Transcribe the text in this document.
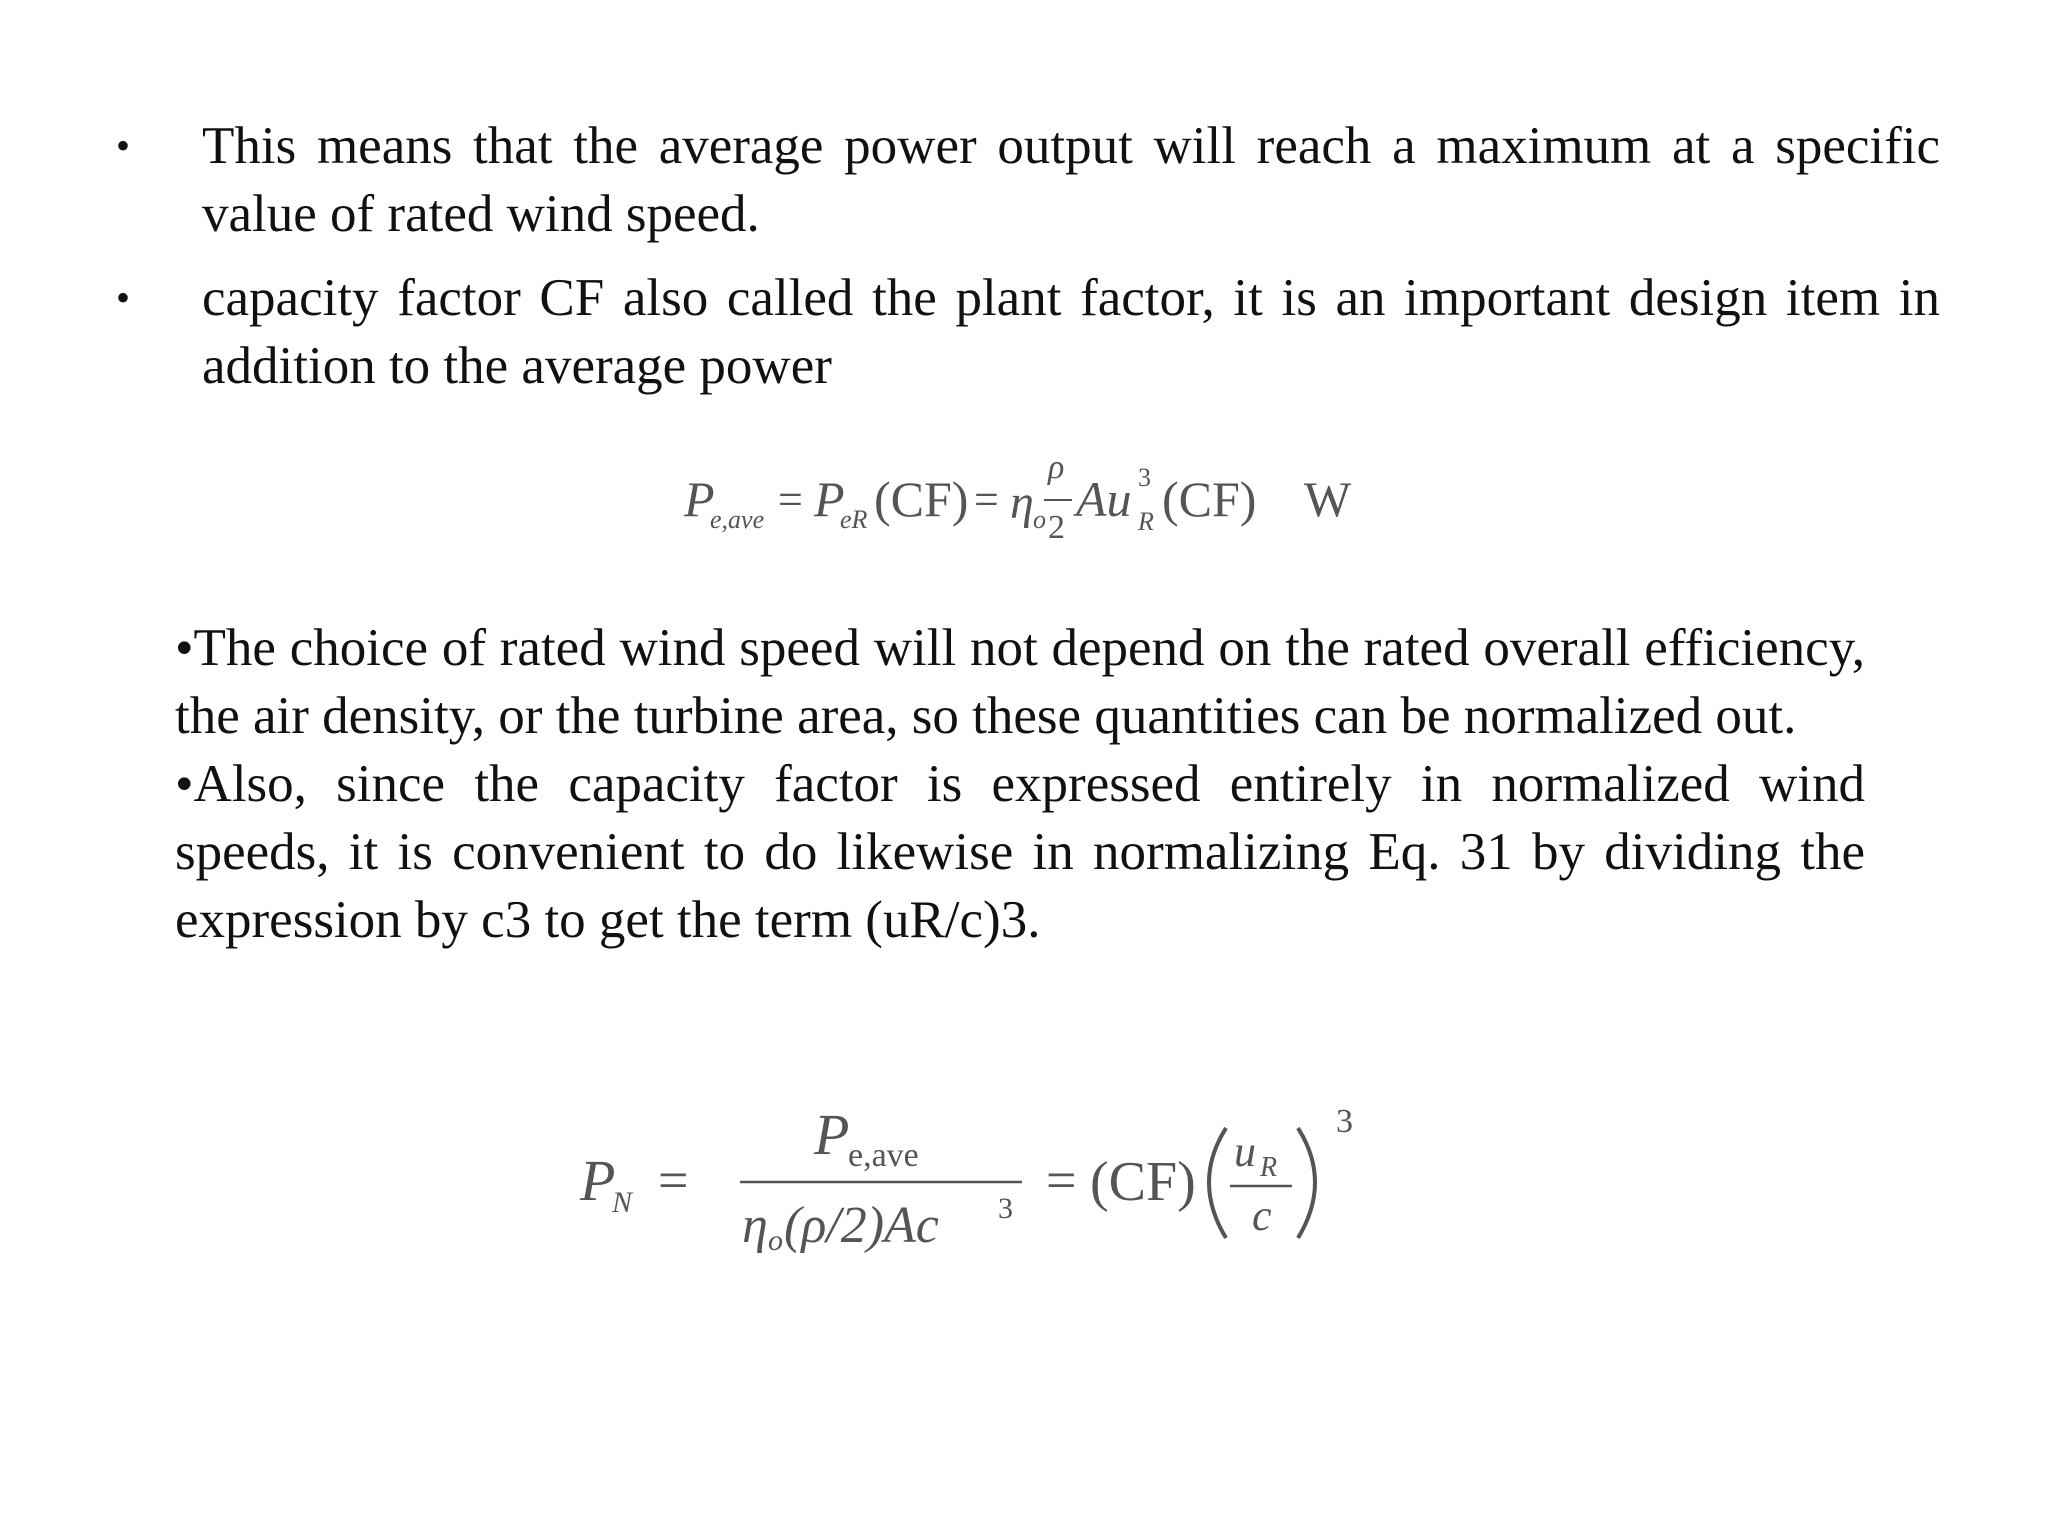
• This means that the average power output will reach a maximum at a specific value of rated wind speed.
• capacity factor CF also called the plant factor, it is an important design item in addition to the average power
P
e,ave = P
eR (CF) = η o
ρ
2
Au 3
R (CF) W

•The choice of rated wind speed will not depend on the rated overall efficiency, the air density, or the turbine area, so these quantities can be normalized out.

•Also, since the capacity factor is expressed entirely in normalized wind speeds, it is convenient to do likewise in normalizing Eq. 31 by dividing the expression by c3 to get the term (uR/c)3.

P
N =
P
e,ave
η o (ρ/2)Ac 3 = (CF) u R
c
3
